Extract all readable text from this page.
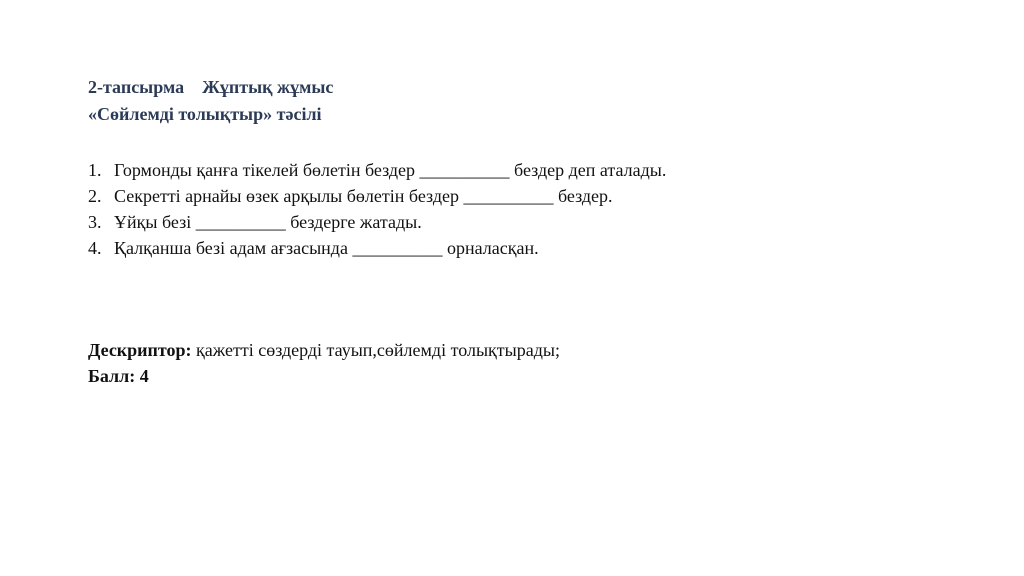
2-тапсырма Жұптық жұмыс
«Сөйлемді толықтыр» тәсілі
1. Гормонды қанға тікелей бөлетін бездер __________ бездер деп аталады.
2. Секретті арнайы өзек арқылы бөлетін бездер __________ бездер.
3. Ұйқы безі __________ бездерге жатады.
4. Қалқанша безі адам ағзасында __________ орналасқан.
Дескриптор: қажетті сөздерді тауып,сөйлемді толықтырады;
Балл: 4
